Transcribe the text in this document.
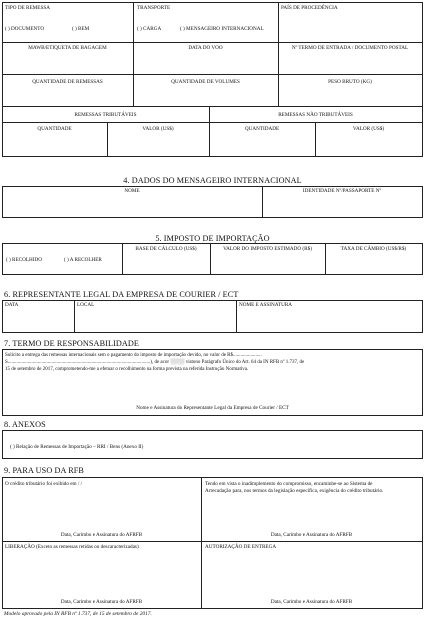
TIPO DE REMESSA
( ) DOCUMENTO	( ) BEM
TRANSPORTE
( ) CARGA	( ) MENSAGEIRO INTERNACIONAL
PAÍS DE PROCEDÊNCIA
MAWB/ETIQUETA DE BAGAGEM	DATA DO VOO	Nº TERMO DE ENTRADA / DOCUMENTO POSTAL
QUANTIDADE DE REMESSAS	QUANTIDADE DE VOLUMES	PESO BRUTO (KG)
REMESSAS TRIBUTÁVEIS	REMESSAS NÃO TRIBUTÁVEIS
QUANTIDADE	VALOR (US$)	QUANTIDADE	VALOR (US$)
4. DADOS DO MENSAGEIRO INTERNACIONAL
NOME	IDENTIDADE Nº/PASSAPORTE Nº
5. IMPOSTO DE IMPORTAÇÃO
BASE DE CÁLCULO (US$)	VALOR DO IMPOSTO ESTIMADO (R$)	TAXA DE CÂMBIO (US$/R$)
( ) RECOLHIDO	( ) A RECOLHER
6. REPRESENTANTE LEGAL DA EMPRESA DE COURIER / ECT
DATA	LOCAL	NOME E ASSINATURA
7. TERMO DE RESPONSABILIDADE
Solicito a entrega das remessas internacionais sem o pagamento do imposto de importação devido, no valor de R$.......................
S..................................................................................................................), de acor ░░░░ vistono Parágrafo Único do Art. 64 da IN RFB nº 1.737, de
15 de setembro de 2017, comprometendo-me a efetuar o recolhimento na forma prevista na referida Instrução Normativa.
Nome e Assinatura do Representante Legal da Empresa de Courier / ECT
8. ANEXOS
( ) Relação de Remessas de Importação – RRI / Bens (Anexo II)
9. PARA USO DA RFB
O crédito tributário foi exibido em / /	Tendo em vista o inadimplemento do compromisso, encaminhe-se ao Sistema de
Arrecadação para, nos termos da legislação específica, exigência do crédito tributário.
Data, Carimbo e Assinatura do AFRFB	Data, Carimbo e Assinatura do AFRFB
LIBERAÇÃO (Exceto as remessas retidas ou descaracterizadas)	AUTORIZAÇÃO DE ENTREGA
Data, Carimbo e Assinatura do AFRFB	Data, Carimbo e Assinatura do AFRFB
Modelo aprovado pela IN RFB nº 1.737, de 15 de setembro de 2017.
